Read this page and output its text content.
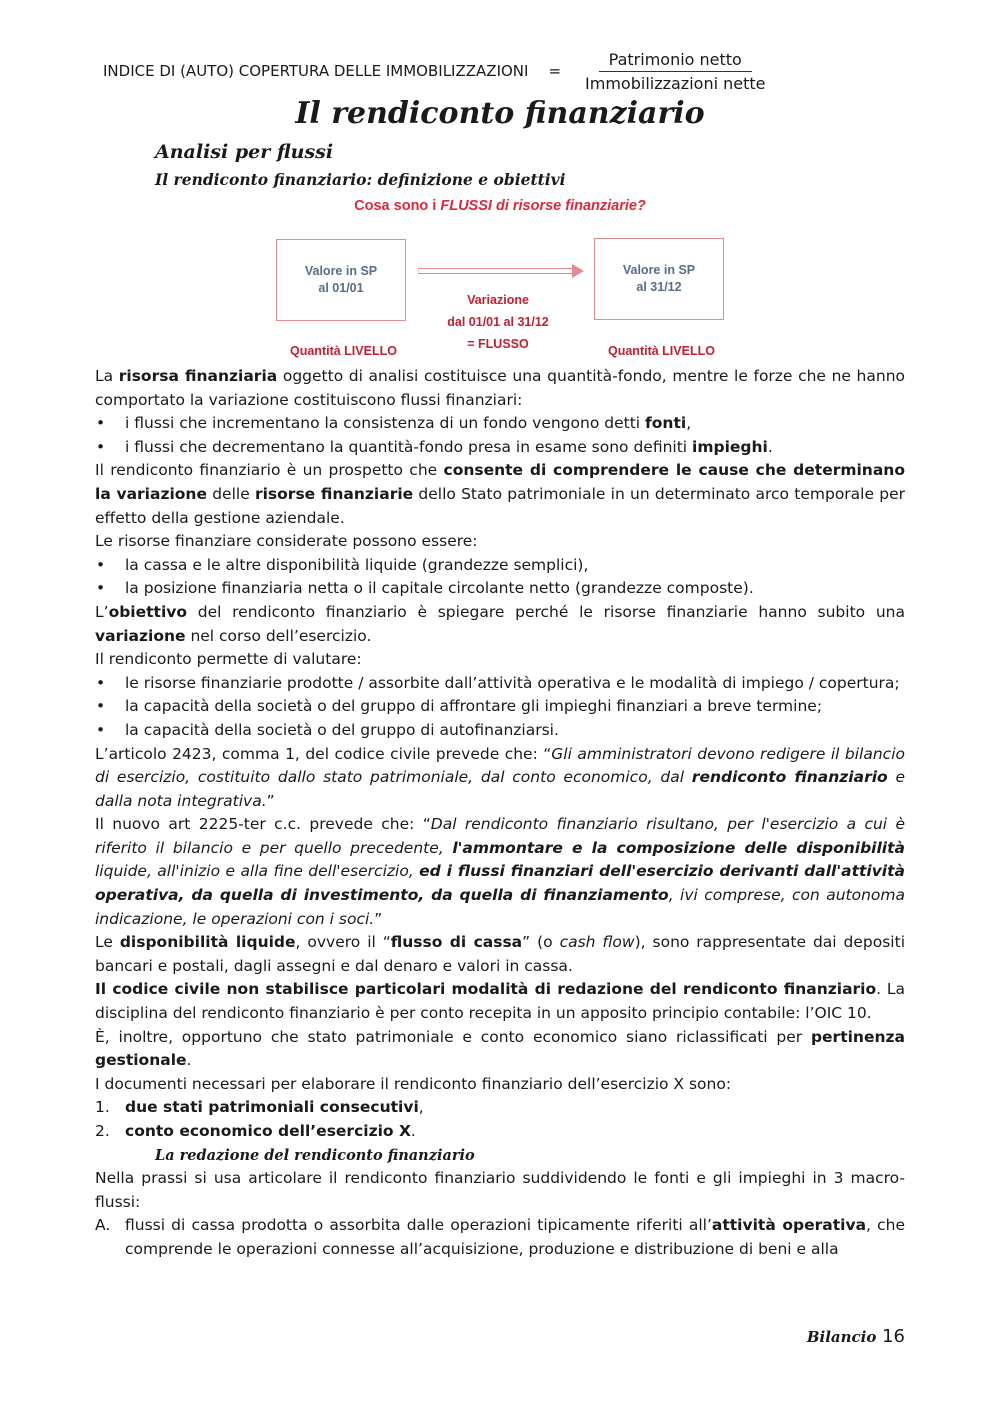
INDICE DI (AUTO) COPERTURA DELLE IMMOBILIZZAZIONI = $\frac{\text{Patrimonio netto}}{\text{Immobilizzazioni nette}}$
Il rendiconto finanziario
Analisi per flussi
Il rendiconto finanziario: definizione e obiettivi
Cosa sono i FLUSSI di risorse finanziarie?
Valore in SP
al 01/01
Valore in SP
al 31/12
Variazione
dal 01/01 al 31/12
= FLUSSO
Quantità LIVELLO	Quantità LIVELLO

La risorsa finanziaria oggetto di analisi costituisce una quantità-fondo, mentre le forze che ne hanno comportato la variazione costituiscono flussi finanziari:

• i flussi che incrementano la consistenza di un fondo vengono detti fonti,
• i flussi che decrementano la quantità-fondo presa in esame sono definiti impieghi.

Il rendiconto finanziario è un prospetto che consente di comprendere le cause che determinano la variazione delle risorse finanziarie dello Stato patrimoniale in un determinato arco temporale per effetto della gestione aziendale.

Le risorse finanziare considerate possono essere:

• la cassa e le altre disponibilità liquide (grandezze semplici),
• la posizione finanziaria netta o il capitale circolante netto (grandezze composte).

L’obiettivo del rendiconto finanziario è spiegare perché le risorse finanziarie hanno subito una variazione nel corso dell’esercizio.

Il rendiconto permette di valutare:

• le risorse finanziarie prodotte / assorbite dall’attività operativa e le modalità di impiego / copertura;
• la capacità della società o del gruppo di affrontare gli impieghi finanziari a breve termine;
• la capacità della società o del gruppo di autofinanziarsi.

L’articolo 2423, comma 1, del codice civile prevede che: “Gli amministratori devono redigere il bilancio di esercizio, costituito dallo stato patrimoniale, dal conto economico, dal rendiconto finanziario e dalla nota integrativa.”

Il nuovo art 2225-ter c.c. prevede che: “Dal rendiconto finanziario risultano, per l'esercizio a cui è riferito il bilancio e per quello precedente, l'ammontare e la composizione delle disponibilità liquide, all'inizio e alla fine dell'esercizio, ed i flussi finanziari dell'esercizio derivanti dall'attività operativa, da quella di investimento, da quella di finanziamento, ivi comprese, con autonoma indicazione, le operazioni con i soci.”

Le disponibilità liquide, ovvero il “flusso di cassa” (o cash flow), sono rappresentate dai depositi bancari e postali, dagli assegni e dal denaro e valori in cassa.

Il codice civile non stabilisce particolari modalità di redazione del rendiconto finanziario. La disciplina del rendiconto finanziario è per conto recepita in un apposito principio contabile: l’OIC 10.

È, inoltre, opportuno che stato patrimoniale e conto economico siano riclassificati per pertinenza gestionale.

I documenti necessari per elaborare il rendiconto finanziario dell’esercizio X sono:

1. due stati patrimoniali consecutivi,
2. conto economico dell’esercizio X.

La redazione del rendiconto finanziario

Nella prassi si usa articolare il rendiconto finanziario suddividendo le fonti e gli impieghi in 3 macro-flussi:

A. flussi di cassa prodotta o assorbita dalle operazioni tipicamente riferiti all’attività operativa, che comprende le operazioni connesse all’acquisizione, produzione e distribuzione di beni e alla
Bilancio 16
